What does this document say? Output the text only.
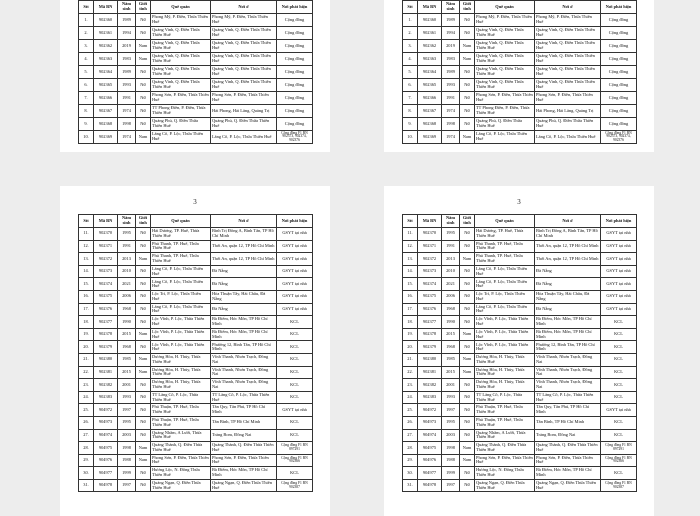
Stt	Mã BN	Năm sinh	Giới tính	Quê quán	Nơi ở	Nơi phát hiện
1.	902360	1989	Nữ	Phong Mỹ, P. Điền, Thừa Thiên Huế	Phong Mỹ, P. Điền, Thừa Thiên Huế	Cộng đồng
2.	902361	1994	Nữ	Quảng Vinh, Q. Điền Thừa Thiên Huế	Quảng Vinh, Q. Điền Thừa Thiên Huế	Cộng đồng
3.	902362	2019	Nam	Quảng Vinh, Q. Điền Thừa Thiên Huế	Quảng Vinh, Q. Điền Thừa Thiên Huế	Cộng đồng
4.	902363	1983	Nam	Quảng Vinh, Q. Điền Thừa Thiên Huế	Quảng Vinh, Q. Điền Thừa Thiên Huế	Cộng đồng
5.	902364	1989	Nữ	Quảng Vinh, Q. Điền Thừa Thiên Huế	Quảng Vinh, Q. Điền Thừa Thiên Huế	Cộng đồng
6.	902365	1993	Nữ	Quảng Vinh, Q. Điền Thừa Thiên Huế	Quảng Vinh, Q. Điền Thừa Thiên Huế	Cộng đồng
7.	902366	1991	Nữ	Phong Sơn, P. Điền, Thừa Thiên Huế	Phong Sơn, P. Điền, Thừa Thiên Huế	Cộng đồng
8.	902367	1974	Nữ	TT Phong Điền, P. Điền, Thừa Thiên Huế	Hải Phong, Hải Lăng, Quảng Trị	Cộng đồng
9.	902368	1998	Nữ	Quảng Phú, Q. Điền Thừa Thiên Huế	Quảng Phú, Q. Điền Thừa Thiên Huế	Cộng đồng
10.	902369	1974	Nam	Lăng Cô, P. Lộc, Thừa Thiên Huế	Lăng Cô, P. Lộc, Thừa Thiên Huế	Cộng đồng F1 BN 902373, 902374, 902376
Stt	Mã BN	Năm sinh	Giới tính	Quê quán	Nơi ở	Nơi phát hiện
1.	902360	1989	Nữ	Phong Mỹ, P. Điền, Thừa Thiên Huế	Phong Mỹ, P. Điền, Thừa Thiên Huế	Cộng đồng
2.	902361	1994	Nữ	Quảng Vinh, Q. Điền Thừa Thiên Huế	Quảng Vinh, Q. Điền Thừa Thiên Huế	Cộng đồng
3.	902362	2019	Nam	Quảng Vinh, Q. Điền Thừa Thiên Huế	Quảng Vinh, Q. Điền Thừa Thiên Huế	Cộng đồng
4.	902363	1983	Nam	Quảng Vinh, Q. Điền Thừa Thiên Huế	Quảng Vinh, Q. Điền Thừa Thiên Huế	Cộng đồng
5.	902364	1989	Nữ	Quảng Vinh, Q. Điền Thừa Thiên Huế	Quảng Vinh, Q. Điền Thừa Thiên Huế	Cộng đồng
6.	902365	1993	Nữ	Quảng Vinh, Q. Điền Thừa Thiên Huế	Quảng Vinh, Q. Điền Thừa Thiên Huế	Cộng đồng
7.	902366	1991	Nữ	Phong Sơn, P. Điền, Thừa Thiên Huế	Phong Sơn, P. Điền, Thừa Thiên Huế	Cộng đồng
8.	902367	1974	Nữ	TT Phong Điền, P. Điền, Thừa Thiên Huế	Hải Phong, Hải Lăng, Quảng Trị	Cộng đồng
9.	902368	1998	Nữ	Quảng Phú, Q. Điền Thừa Thiên Huế	Quảng Phú, Q. Điền Thừa Thiên Huế	Cộng đồng
10.	902369	1974	Nam	Lăng Cô, P. Lộc, Thừa Thiên Huế	Lăng Cô, P. Lộc, Thừa Thiên Huế	Cộng đồng F1 BN 902373, 902374, 902376
3
Stt	Mã BN	Năm sinh	Giới tính	Quê quán	Nơi ở	Nơi phát hiện
11.	902370	1995	Nữ	Hải Dương, TP. Huế, Thừa Thiên Huế	Bình Trị Đông A, Bình Tân, TP Hồ Chí Minh	GSYT tại nhà
12.	902371	1991	Nữ	Phú Thanh, TP. Huế, Thừa Thiên Huế	Thới An, quận 12, TP Hồ Chí Minh	GSYT tại nhà
13.	902372	2013	Nam	Phú Thanh, TP. Huế, Thừa Thiên Huế	Thới An, quận 12, TP Hồ Chí Minh	GSYT tại nhà
14.	902373	2010	Nữ	Lăng Cô, P. Lộc, Thừa Thiên Huế	Đà Nẵng	GSYT tại nhà
15.	902374	2021	Nữ	Lăng Cô, P. Lộc, Thừa Thiên Huế	Đà Nẵng	GSYT tại nhà
16.	902375	2006	Nữ	Lộc Trì, P. Lộc, Thừa Thiên Huế	Hòa Thuận Tây, Hải Châu, Đà Nẵng	GSYT tại nhà
17.	902376	1968	Nữ	Lăng Cô, P. Lộc, Thừa Thiên Huế	Đà Nẵng	GSYT tại nhà
18.	902377	1990	Nữ	Lộc Vĩnh, P. Lộc, Thừa Thiên Huế	Bà Điểm, Hóc Môn, TP Hồ Chí Minh	KCL
19.	902378	2015	Nam	Lộc Vĩnh, P. Lộc, Thừa Thiên Huế	Bà Điểm, Hóc Môn, TP Hồ Chí Minh	KCL
20.	902379	1968	Nữ	Lộc Vĩnh, P. Lộc, Thừa Thiên Huế	Phường 12, Bình Tân, TP Hồ Chí Minh	KCL
21.	902380	1985	Nam	Dương Hòa, H. Thủy, Thừa Thiên Huế	Vĩnh Thanh, Nhơn Trạch, Đồng Nai	KCL
22.	902381	2015	Nam	Dương Hòa, H. Thủy, Thừa Thiên Huế	Vĩnh Thanh, Nhơn Trạch, Đồng Nai	KCL
23.	902382	2001	Nữ	Dương Hòa, H. Thủy, Thừa Thiên Huế	Vĩnh Thanh, Nhơn Trạch, Đồng Nai	KCL
24.	902383	1993	Nữ	TT Lăng Cô, P. Lộc, Thừa Thiên Huế	TT Lăng Cô, P. Lộc, Thừa Thiên Huế	KCL
25.	904972	1997	Nữ	Phú Thuận, TP. Huế, Thừa Thiên Huế	Tân Quy, Tân Phú, TP Hồ Chí Minh	GSYT tại nhà
26.	904973	1995	Nữ	Phú Thuận, TP. Huế, Thừa Thiên Huế	Tân Bình, TP Hồ Chí Minh	KCL
27.	904974	2003	Nữ	Quảng Nhâm, A Lưới, Thừa Thiên Huế	Trảng Bom, Đồng Nai	KCL
28.	904975	1998	Nam	Quảng Thành, Q. Điền Thừa Thiên Huế	Quảng Thành, Q. Điền Thừa Thiên Huế	Cộng đồng F1 BN 897291
29.	904976	1988	Nam	Phong Sơn, P. Điền, Thừa Thiên Huế	Phong Sơn, P. Điền, Thừa Thiên Huế	Cộng đồng F1 BN 902366
30.	904977	1999	Nữ	Hương Lộc, N. Đông Thừa Thiên Huế	Bà Điểm, Hóc Môn, TP Hồ Chí Minh	KCL
31.	904978	1997	Nữ	Quảng Ngạn, Q. Điền Thừa Thiên Huế	Quảng Ngạn, Q. Điền Thừa Thiên Huế	Cộng đồng F1 BN 902387
3
Stt	Mã BN	Năm sinh	Giới tính	Quê quán	Nơi ở	Nơi phát hiện
11.	902370	1995	Nữ	Hải Dương, TP. Huế, Thừa Thiên Huế	Bình Trị Đông A, Bình Tân, TP Hồ Chí Minh	GSYT tại nhà
12.	902371	1991	Nữ	Phú Thanh, TP. Huế, Thừa Thiên Huế	Thới An, quận 12, TP Hồ Chí Minh	GSYT tại nhà
13.	902372	2013	Nam	Phú Thanh, TP. Huế, Thừa Thiên Huế	Thới An, quận 12, TP Hồ Chí Minh	GSYT tại nhà
14.	902373	2010	Nữ	Lăng Cô, P. Lộc, Thừa Thiên Huế	Đà Nẵng	GSYT tại nhà
15.	902374	2021	Nữ	Lăng Cô, P. Lộc, Thừa Thiên Huế	Đà Nẵng	GSYT tại nhà
16.	902375	2006	Nữ	Lộc Trì, P. Lộc, Thừa Thiên Huế	Hòa Thuận Tây, Hải Châu, Đà Nẵng	GSYT tại nhà
17.	902376	1968	Nữ	Lăng Cô, P. Lộc, Thừa Thiên Huế	Đà Nẵng	GSYT tại nhà
18.	902377	1990	Nữ	Lộc Vĩnh, P. Lộc, Thừa Thiên Huế	Bà Điểm, Hóc Môn, TP Hồ Chí Minh	KCL
19.	902378	2015	Nam	Lộc Vĩnh, P. Lộc, Thừa Thiên Huế	Bà Điểm, Hóc Môn, TP Hồ Chí Minh	KCL
20.	902379	1968	Nữ	Lộc Vĩnh, P. Lộc, Thừa Thiên Huế	Phường 12, Bình Tân, TP Hồ Chí Minh	KCL
21.	902380	1985	Nam	Dương Hòa, H. Thủy, Thừa Thiên Huế	Vĩnh Thanh, Nhơn Trạch, Đồng Nai	KCL
22.	902381	2015	Nam	Dương Hòa, H. Thủy, Thừa Thiên Huế	Vĩnh Thanh, Nhơn Trạch, Đồng Nai	KCL
23.	902382	2001	Nữ	Dương Hòa, H. Thủy, Thừa Thiên Huế	Vĩnh Thanh, Nhơn Trạch, Đồng Nai	KCL
24.	902383	1993	Nữ	TT Lăng Cô, P. Lộc, Thừa Thiên Huế	TT Lăng Cô, P. Lộc, Thừa Thiên Huế	KCL
25.	904972	1997	Nữ	Phú Thuận, TP. Huế, Thừa Thiên Huế	Tân Quy, Tân Phú, TP Hồ Chí Minh	GSYT tại nhà
26.	904973	1995	Nữ	Phú Thuận, TP. Huế, Thừa Thiên Huế	Tân Bình, TP Hồ Chí Minh	KCL
27.	904974	2003	Nữ	Quảng Nhâm, A Lưới, Thừa Thiên Huế	Trảng Bom, Đồng Nai	KCL
28.	904975	1998	Nam	Quảng Thành, Q. Điền Thừa Thiên Huế	Quảng Thành, Q. Điền Thừa Thiên Huế	Cộng đồng F1 BN 897291
29.	904976	1988	Nam	Phong Sơn, P. Điền, Thừa Thiên Huế	Phong Sơn, P. Điền, Thừa Thiên Huế	Cộng đồng F1 BN 902366
30.	904977	1999	Nữ	Hương Lộc, N. Đông Thừa Thiên Huế	Bà Điểm, Hóc Môn, TP Hồ Chí Minh	KCL
31.	904978	1997	Nữ	Quảng Ngạn, Q. Điền Thừa Thiên Huế	Quảng Ngạn, Q. Điền Thừa Thiên Huế	Cộng đồng F1 BN 902387
